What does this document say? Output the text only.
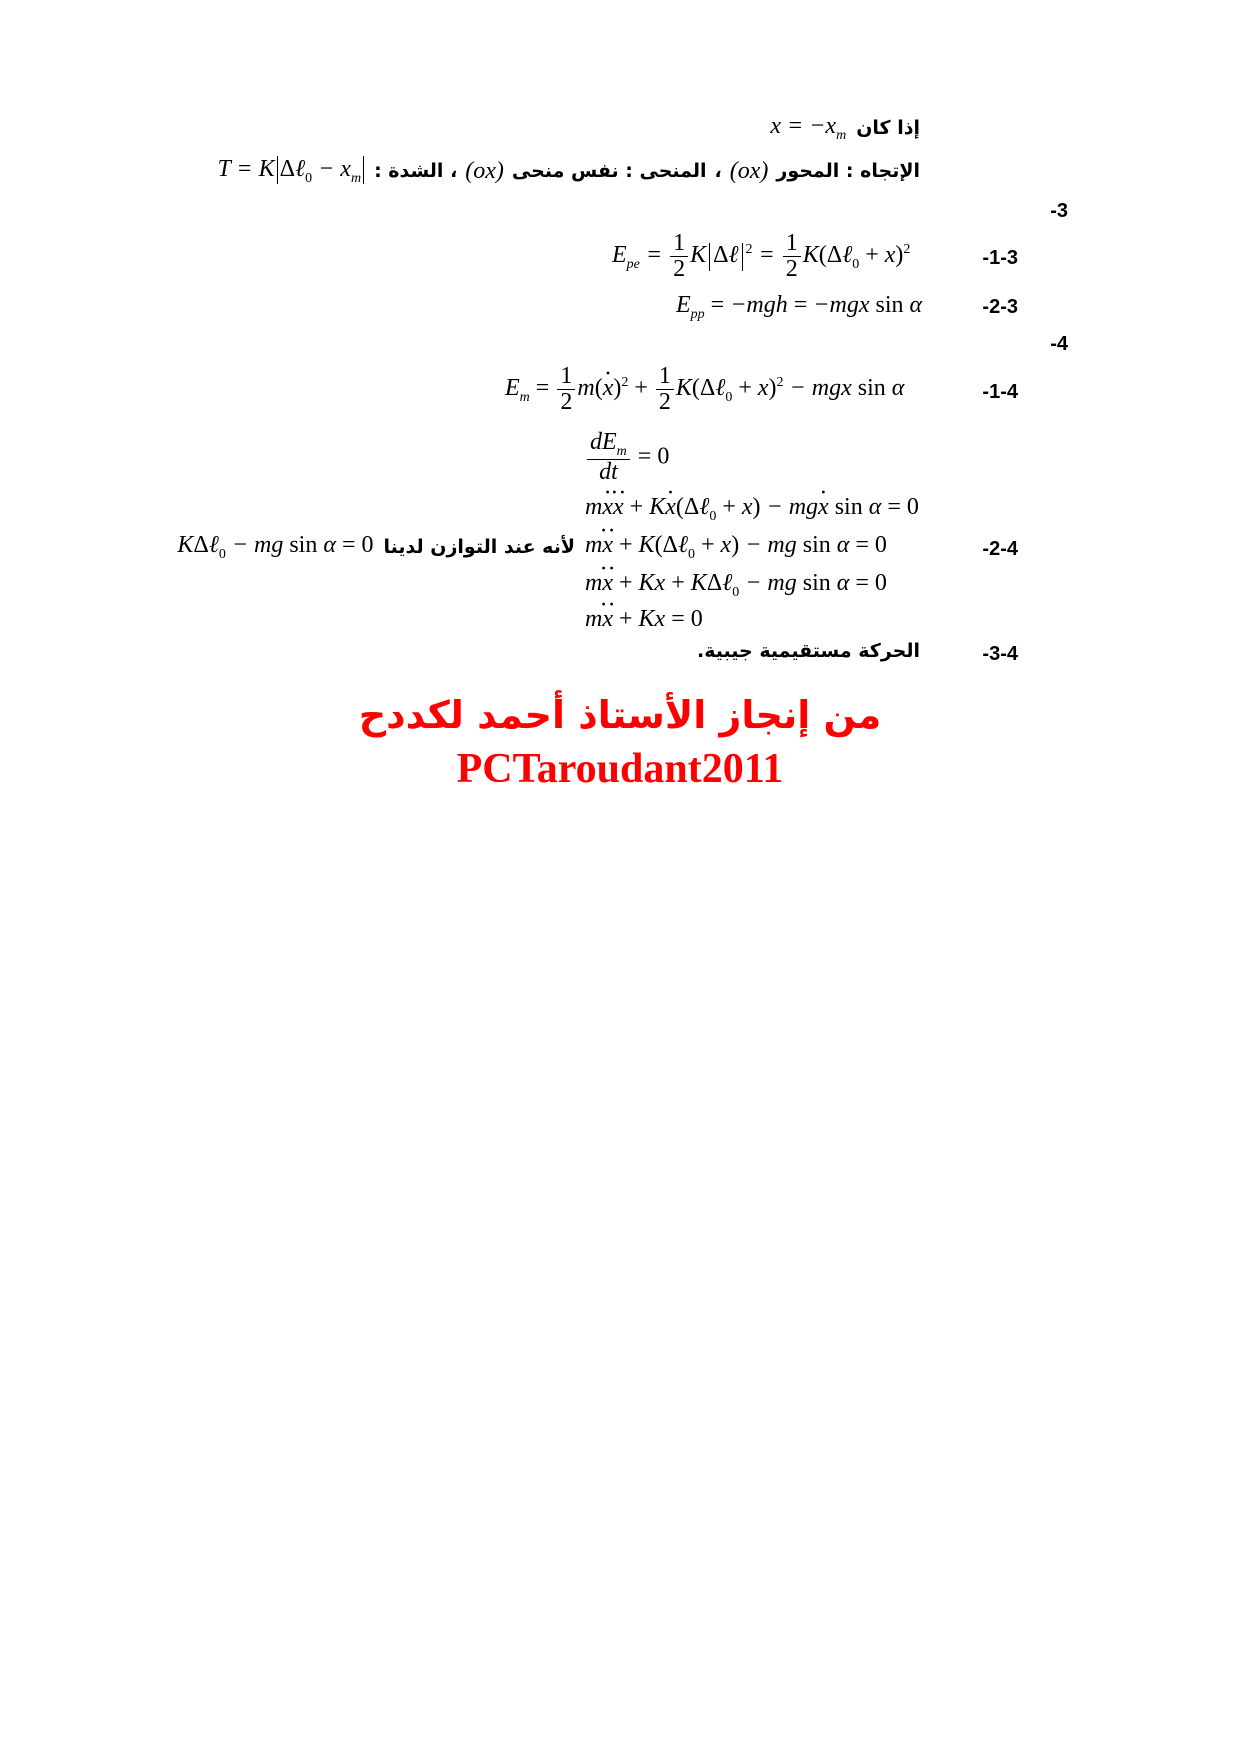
إذا كان
$x = -x_m$
الإتجاه : المحور
(ox)
،
المنحى : نفس منحى
(ox)
، الشدة :
T = K Δℓ$_0$ − $x_m$
-3
-1-3
$E_{pe} = \frac{1}{2}$ K Δℓ $^2 = \frac{1}{2}$ K(Δℓ$_0$ + x)$^2$
-2-3
$E_{pp} = -mgh = -mgx$ sin α
-4
-1-4
$E_m = \frac{1}{2} m(x \cdot)^2 + \frac{1}{2}$ K(Δℓ$_0$ + x)$^2$ − mgx sin α
$\frac{dE_m}{dt} = 0$
mx ·x ·· + Kx ·(Δℓ$_0$ + x) − mgx · sin α = 0
-2-4
mx ·· + K(Δℓ$_0$ + x) − mg sin α = 0
لأنه عند التوازن لدينا
KΔℓ$_0$ − mg sin α = 0
mx ·· + Kx + KΔℓ$_0$ − mg sin α = 0
mx ·· + Kx = 0
-3-4
الحركة مستقيمية جيبية.
من إنجاز الأستاذ أحمد لكددح
PCTaroudant2011
